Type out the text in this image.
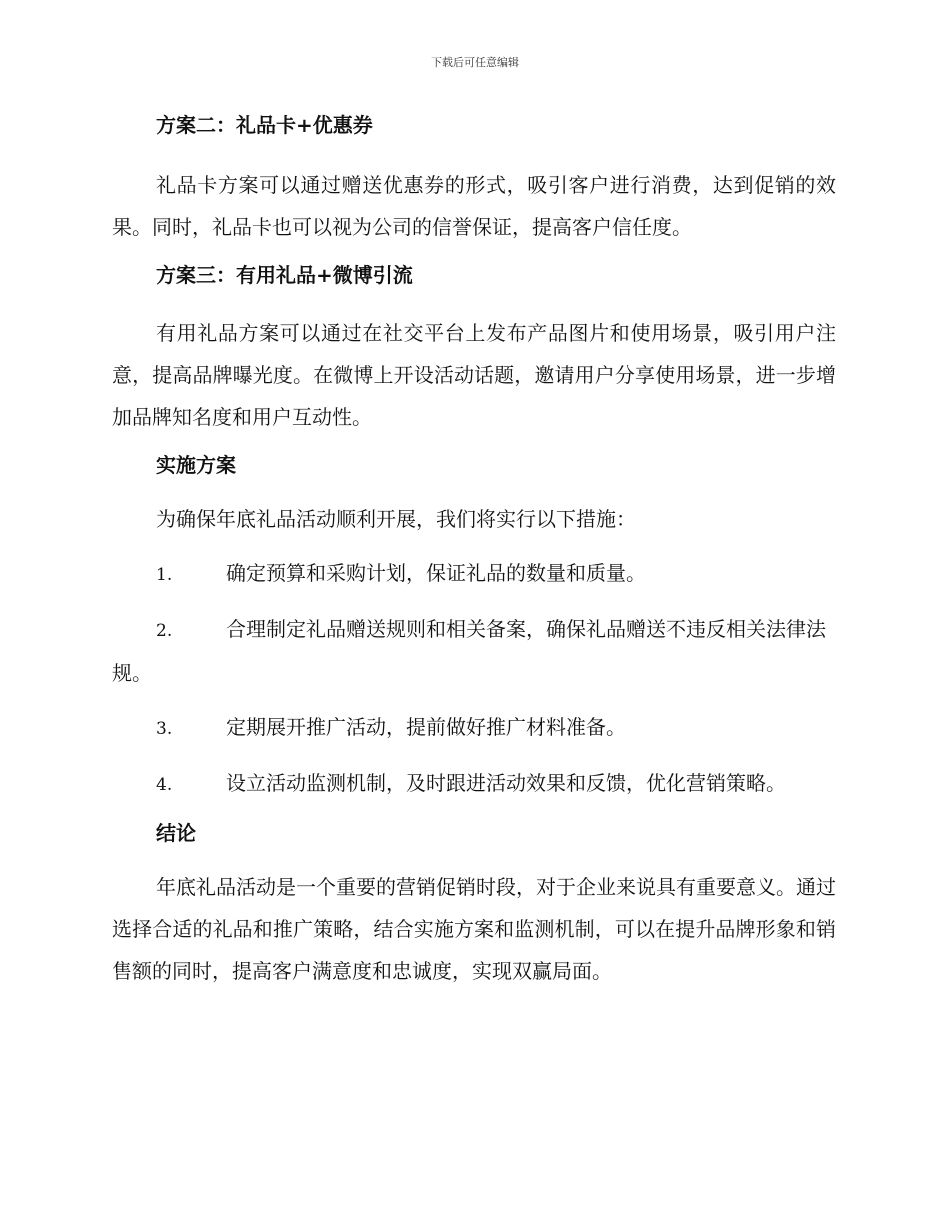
下载后可任意编辑
方案二：礼品卡+优惠券

礼品卡方案可以通过赠送优惠券的形式，吸引客户进行消费，达到促销的效果。同时，礼品卡也可以视为公司的信誉保证，提高客户信任度。

方案三：有用礼品+微博引流

有用礼品方案可以通过在社交平台上发布产品图片和使用场景，吸引用户注意，提高品牌曝光度。在微博上开设活动话题，邀请用户分享使用场景，进一步增加品牌知名度和用户互动性。

实施方案

为确保年底礼品活动顺利开展，我们将实行以下措施：

1.	确定预算和采购计划，保证礼品的数量和质量。
2.	合理制定礼品赠送规则和相关备案，确保礼品赠送不违反相关法律法规。
3.	定期展开推广活动，提前做好推广材料准备。
4.	设立活动监测机制，及时跟进活动效果和反馈，优化营销策略。
结论

年底礼品活动是一个重要的营销促销时段，对于企业来说具有重要意义。通过选择合适的礼品和推广策略，结合实施方案和监测机制，可以在提升品牌形象和销售额的同时，提高客户满意度和忠诚度，实现双赢局面。
